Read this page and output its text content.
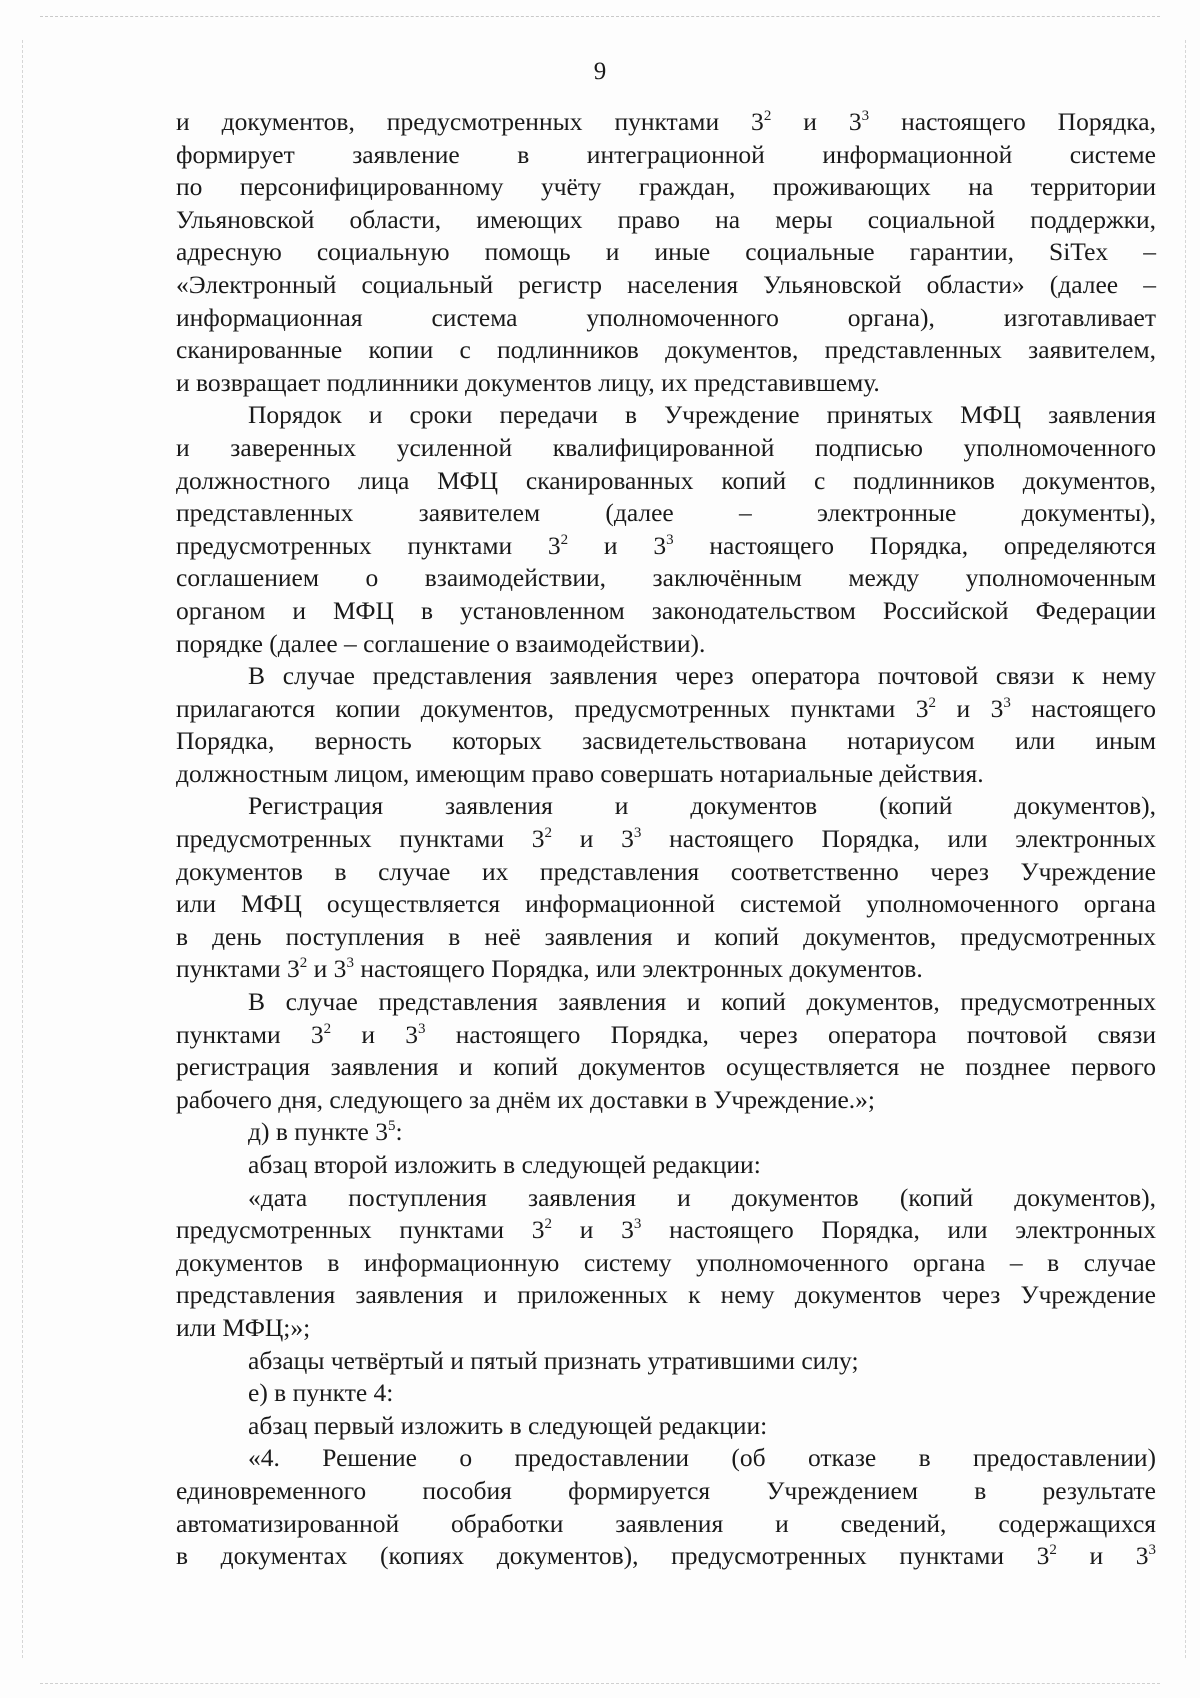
9

и документов, предусмотренных пунктами $3^2$ и $3^3$ настоящего Порядка,

формирует заявление в интеграционной информационной системе

по персонифицированному учёту граждан, проживающих на территории

Ульяновской области, имеющих право на меры социальной поддержки,

адресную социальную помощь и иные социальные гарантии, SiTex –

«Электронный социальный регистр населения Ульяновской области» (далее –

информационная система уполномоченного органа), изготавливает

сканированные копии с подлинников документов, представленных заявителем,

и возвращает подлинники документов лицу, их представившему.

Порядок и сроки передачи в Учреждение принятых МФЦ заявления

и заверенных усиленной квалифицированной подписью уполномоченного

должностного лица МФЦ сканированных копий с подлинников документов,

представленных заявителем (далее – электронные документы),

предусмотренных пунктами $3^2$ и $3^3$ настоящего Порядка, определяются

соглашением о взаимодействии, заключённым между уполномоченным

органом и МФЦ в установленном законодательством Российской Федерации

порядке (далее – соглашение о взаимодействии).

В случае представления заявления через оператора почтовой связи к нему

прилагаются копии документов, предусмотренных пунктами $3^2$ и $3^3$ настоящего

Порядка, верность которых засвидетельствована нотариусом или иным

должностным лицом, имеющим право совершать нотариальные действия.

Регистрация заявления и документов (копий документов),

предусмотренных пунктами $3^2$ и $3^3$ настоящего Порядка, или электронных

документов в случае их представления соответственно через Учреждение

или МФЦ осуществляется информационной системой уполномоченного органа

в день поступления в неё заявления и копий документов, предусмотренных

пунктами $3^2$ и $3^3$ настоящего Порядка, или электронных документов.

В случае представления заявления и копий документов, предусмотренных

пунктами $3^2$ и $3^3$ настоящего Порядка, через оператора почтовой связи

регистрация заявления и копий документов осуществляется не позднее первого

рабочего дня, следующего за днём их доставки в Учреждение.»;

д) в пункте $3^5$:

абзац второй изложить в следующей редакции:

«дата поступления заявления и документов (копий документов),

предусмотренных пунктами $3^2$ и $3^3$ настоящего Порядка, или электронных

документов в информационную систему уполномоченного органа – в случае

представления заявления и приложенных к нему документов через Учреждение

или МФЦ;»;

абзацы четвёртый и пятый признать утратившими силу;

е) в пункте 4:

абзац первый изложить в следующей редакции:

«4. Решение о предоставлении (об отказе в предоставлении)

единовременного пособия формируется Учреждением в результате

автоматизированной обработки заявления и сведений, содержащихся

в документах (копиях документов), предусмотренных пунктами $3^2$ и $3^3$
